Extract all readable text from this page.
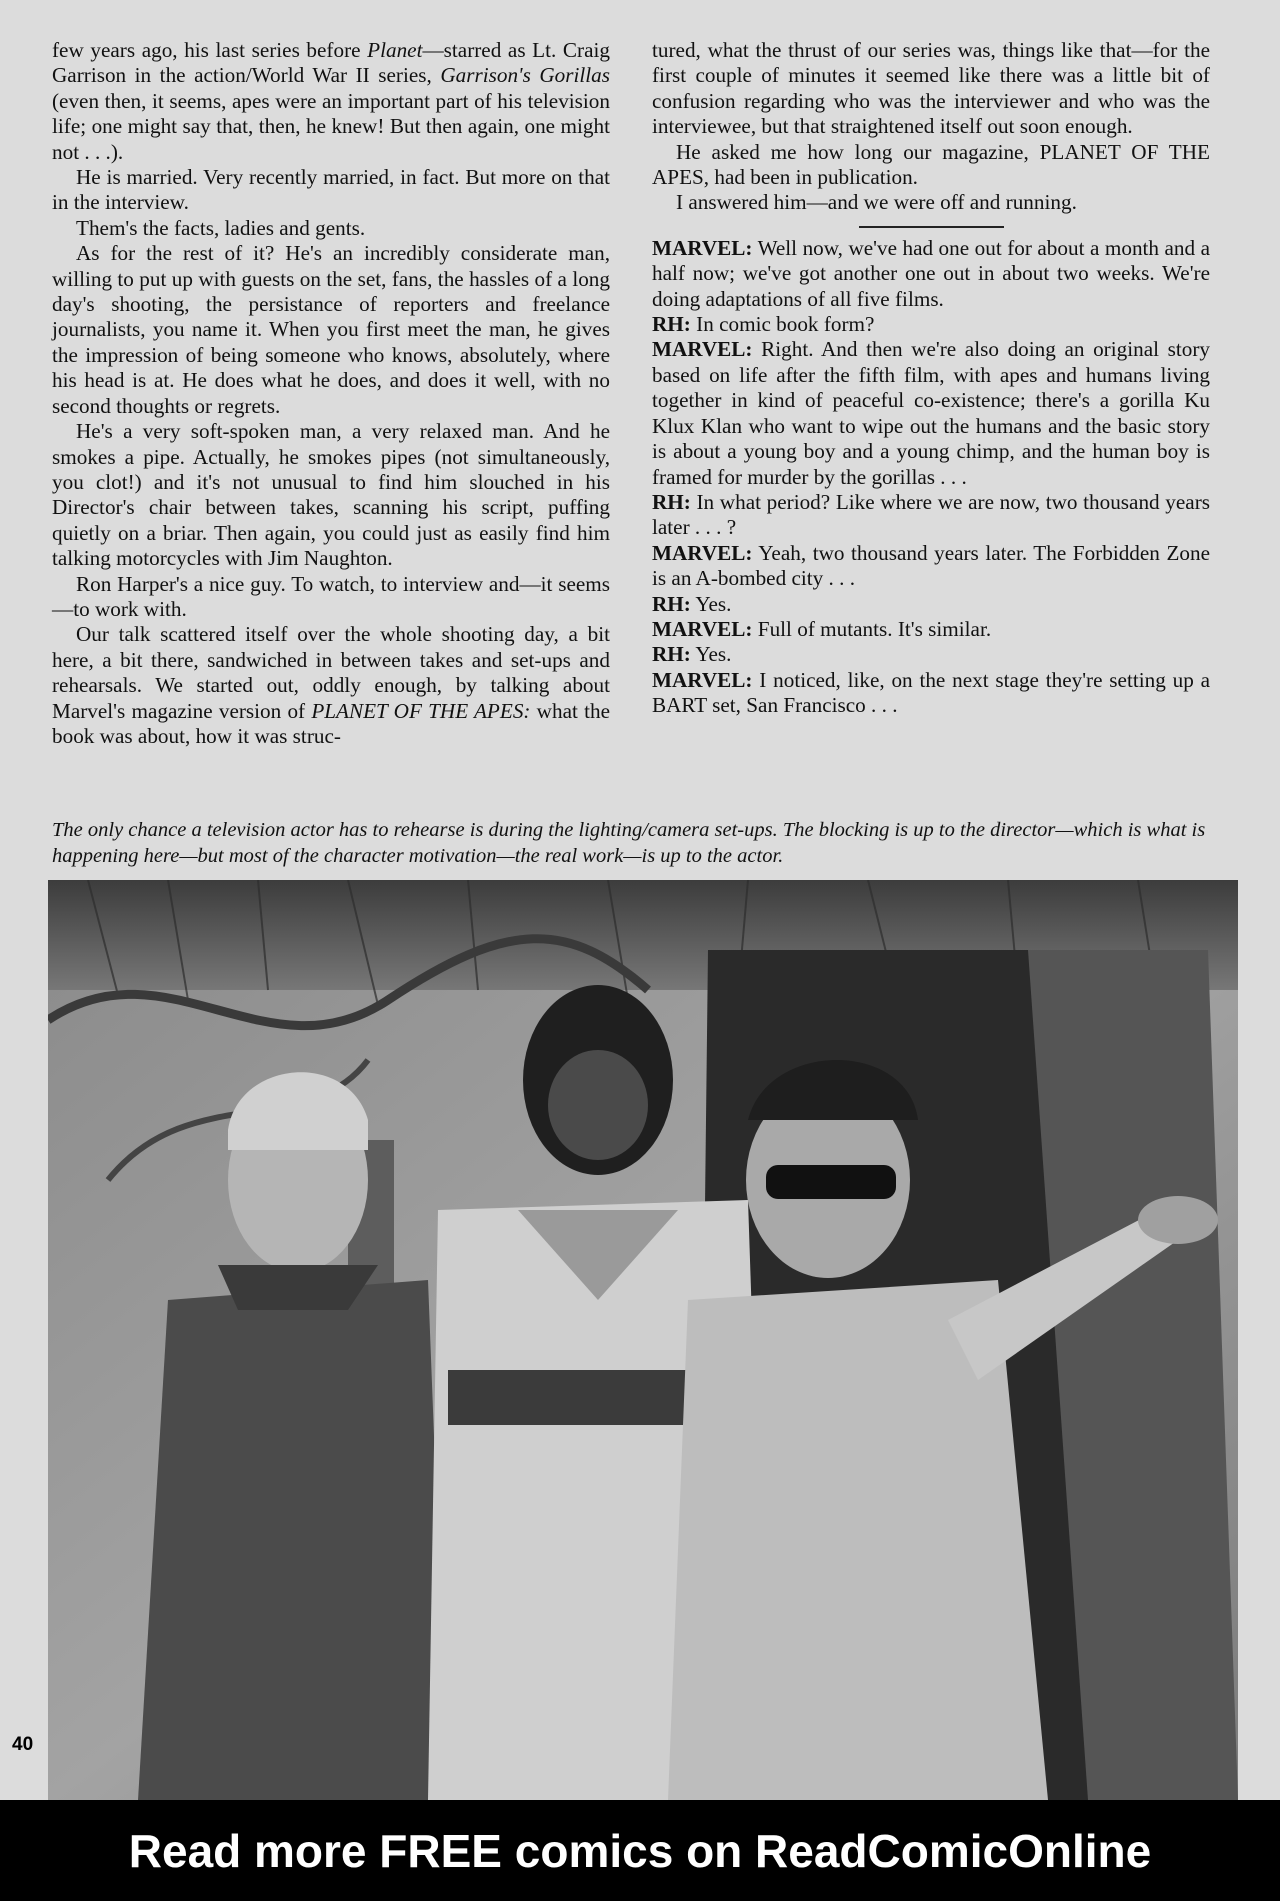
few years ago, his last series before Planet—starred as Lt. Craig Garrison in the action/World War II series, Garrison's Gorillas (even then, it seems, apes were an important part of his television life; one might say that, then, he knew! But then again, one might not . . .).

He is married. Very recently married, in fact. But more on that in the interview.

Them's the facts, ladies and gents.

As for the rest of it? He's an incredibly considerate man, willing to put up with guests on the set, fans, the hassles of a long day's shooting, the persistance of reporters and freelance journalists, you name it. When you first meet the man, he gives the impression of being someone who knows, absolutely, where his head is at. He does what he does, and does it well, with no second thoughts or regrets.

He's a very soft-spoken man, a very relaxed man. And he smokes a pipe. Actually, he smokes pipes (not simultaneously, you clot!) and it's not unusual to find him slouched in his Director's chair between takes, scanning his script, puffing quietly on a briar. Then again, you could just as easily find him talking motorcycles with Jim Naughton.

Ron Harper's a nice guy. To watch, to interview and—it seems—to work with.

Our talk scattered itself over the whole shooting day, a bit here, a bit there, sandwiched in between takes and set-ups and rehearsals. We started out, oddly enough, by talking about Marvel's magazine version of PLANET OF THE APES: what the book was about, how it was struc-

tured, what the thrust of our series was, things like that—for the first couple of minutes it seemed like there was a little bit of confusion regarding who was the interviewer and who was the interviewee, but that straightened itself out soon enough.

He asked me how long our magazine, PLANET OF THE APES, had been in publication.

I answered him—and we were off and running.

MARVEL: Well now, we've had one out for about a month and a half now; we've got another one out in about two weeks. We're doing adaptations of all five films.

RH: In comic book form?

MARVEL: Right. And then we're also doing an original story based on life after the fifth film, with apes and humans living together in kind of peaceful co-existence; there's a gorilla Ku Klux Klan who want to wipe out the humans and the basic story is about a young boy and a young chimp, and the human boy is framed for murder by the gorillas . . .

RH: In what period? Like where we are now, two thousand years later . . . ?

MARVEL: Yeah, two thousand years later. The Forbidden Zone is an A-bombed city . . .

RH: Yes.

MARVEL: Full of mutants. It's similar.

RH: Yes.

MARVEL: I noticed, like, on the next stage they're setting up a BART set, San Francisco . . .

The only chance a television actor has to rehearse is during the lighting/camera set-ups. The blocking is up to the director—which is what is happening here—but most of the character motivation—the real work—is up to the actor.
40
Read more FREE comics on ReadComicOnline
